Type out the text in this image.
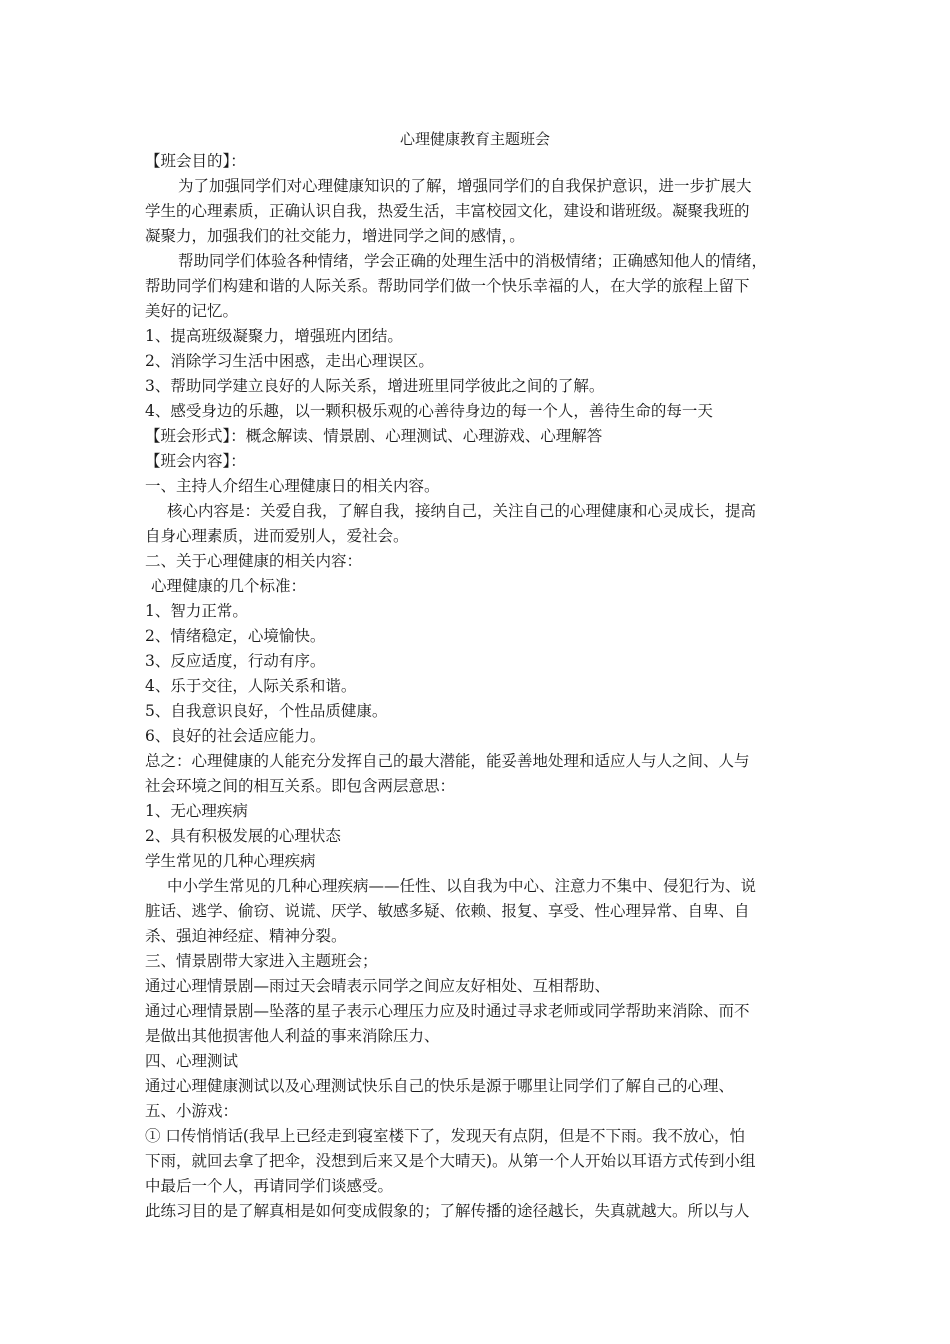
心理健康教育主题班会

【班会目的】：

为了加强同学们对心理健康知识的了解，增强同学们的自我保护意识，进一步扩展大

学生的心理素质，正确认识自我，热爱生活，丰富校园文化，建设和谐班级。凝聚我班的

凝聚力，加强我们的社交能力，增进同学之间的感情，。

帮助同学们体验各种情绪，学会正确的处理生活中的消极情绪；正确感知他人的情绪，

帮助同学们构建和谐的人际关系。帮助同学们做一个快乐幸福的人，在大学的旅程上留下

美好的记忆。

1、提高班级凝聚力，增强班内团结。

2、消除学习生活中困惑，走出心理误区。

3、帮助同学建立良好的人际关系，增进班里同学彼此之间的了解。

4、感受身边的乐趣，以一颗积极乐观的心善待身边的每一个人，善待生命的每一天

【班会形式】：概念解读、情景剧、心理测试、心理游戏、心理解答

【班会内容】：

一、主持人介绍生心理健康日的相关内容。

核心内容是：关爱自我，了解自我，接纳自己，关注自己的心理健康和心灵成长，提高

自身心理素质，进而爱别人，爱社会。

二、关于心理健康的相关内容：

心理健康的几个标准：

1、智力正常。

2、情绪稳定，心境愉快。

3、反应适度，行动有序。

4、乐于交往，人际关系和谐。

5、自我意识良好，个性品质健康。

6、良好的社会适应能力。

总之：心理健康的人能充分发挥自己的最大潜能，能妥善地处理和适应人与人之间、人与

社会环境之间的相互关系。即包含两层意思：

1、无心理疾病

2、具有积极发展的心理状态

学生常见的几种心理疾病

中小学生常见的几种心理疾病——任性、以自我为中心、注意力不集中、侵犯行为、说

脏话、逃学、偷窃、说谎、厌学、敏感多疑、依赖、报复、享受、性心理异常、自卑、自

杀、强迫神经症、精神分裂。

三、情景剧带大家进入主题班会；

通过心理情景剧—雨过天会晴表示同学之间应友好相处、互相帮助、

通过心理情景剧—坠落的星子表示心理压力应及时通过寻求老师或同学帮助来消除、而不

是做出其他损害他人利益的事来消除压力、

四、心理测试

通过心理健康测试以及心理测试快乐自己的快乐是源于哪里让同学们了解自己的心理、

五、小游戏：

① 口传悄悄话(我早上已经走到寝室楼下了，发现天有点阴，但是不下雨。我不放心，怕

下雨，就回去拿了把伞，没想到后来又是个大晴天)。从第一个人开始以耳语方式传到小组

中最后一个人，再请同学们谈感受。

此练习目的是了解真相是如何变成假象的；了解传播的途径越长，失真就越大。所以与人
